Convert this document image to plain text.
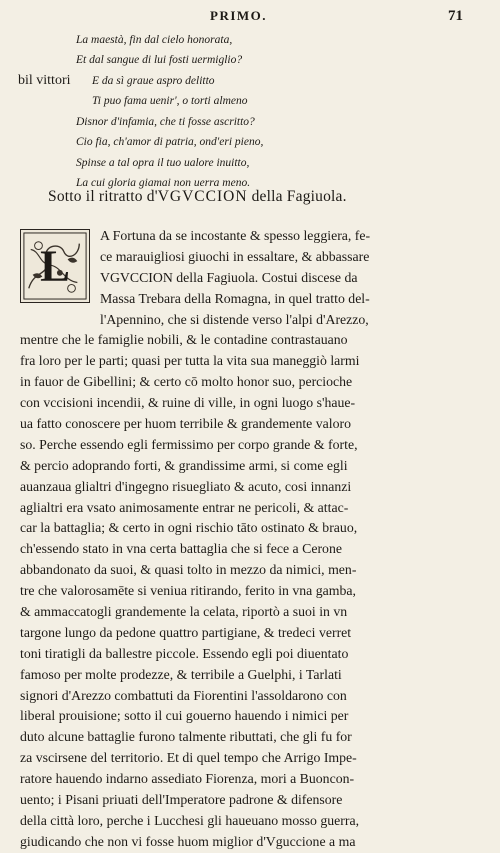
PRIMO.	71
La maestà, fin dal cielo honorata,
Et dal sangue di lui fosti uermiglio?
E da sì graue aspro delitto
Ti puo fama uenir', o torti almeno
Disnor d'infamia, che ti fosse ascritto?
Cio fia, ch'amor di patria, ond'eri pieno,
Spinse a tal opra il tuo ualore inuitto,
La cui gloria giamai non uerra meno.
bil vittori
Sotto il ritratto d'VGVCCION della Fagiuola.
L
A Fortuna da se incostante & spesso leggiera, fe-
ce marauigliosi giuochi in essaltare, & abbassare
VGVCCION della Fagiuola. Costui discese da
Massa Trebara della Romagna, in quel tratto del-
l'Apennino, che si distende verso l'alpi d'Arezzo,
mentre che le famiglie nobili, & le contadine contrastauano
fra loro per le parti; quasi per tutta la vita sua maneggiò larmi
in fauor de Gibellini; & certo cō molto honor suo, percioche
con vccisioni incendii, & ruine di ville, in ogni luogo s'haue-
ua fatto conoscere per huom terribile & grandemente valoro
so. Perche essendo egli fermissimo per corpo grande & forte,
& percio adoprando forti, & grandissime armi, si come egli
auanzaua glialtri d'ingegno risuegliato & acuto, cosi innanzi
aglialtri era vsato animosamente entrar ne pericoli, & attac-
car la battaglia; & certo in ogni rischio tāto ostinato & brauo,
ch'essendo stato in vna certa battaglia che si fece a Cerone
abbandonato da suoi, & quasi tolto in mezzo da nimici, men-
tre che valorosamēte si veniua ritirando, ferito in vna gamba,
& ammaccatogli grandemente la celata, riportò a suoi in vn
targone lungo da pedone quattro partigiane, & tredeci verret
toni tiratigli da ballestre piccole. Essendo egli poi diuentato
famoso per molte prodezze, & terribile a Guelphi, i Tarlati
signori d'Arezzo combattuti da Fiorentini l'assoldarono con
liberal prouisione; sotto il cui gouerno hauendo i nimici per
duto alcune battaglie furono talmente ributtati, che gli fu for
za vscirsene del territorio. Et di quel tempo che Arrigo Impe-
ratore hauendo indarno assediato Fiorenza, mori a Buoncon-
uento; i Pisani priuati dell'Imperatore padrone & difensore
della città loro, perche i Lucchesi gli haueuano mosso guerra,
giudicando che non vi fosse huom miglior d'Vguccione a ma
